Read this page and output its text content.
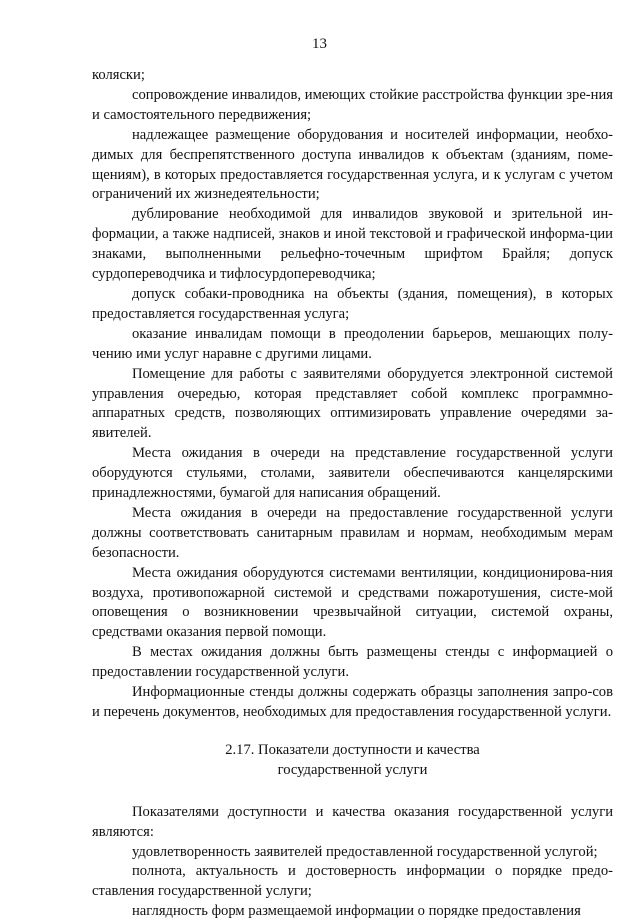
13

коляски;

сопровождение инвалидов, имеющих стойкие расстройства функции зре-ния и самостоятельного передвижения;

надлежащее размещение оборудования и носителей информации, необхо-димых для беспрепятственного доступа инвалидов к объектам (зданиям, поме-щениям), в которых предоставляется государственная услуга, и к услугам с учетом ограничений их жизнедеятельности;

дублирование необходимой для инвалидов звуковой и зрительной ин-формации, а также надписей, знаков и иной текстовой и графической информа-ции знаками, выполненными рельефно-точечным шрифтом Брайля; допуск сурдопереводчика и тифлосурдопереводчика;

допуск собаки-проводника на объекты (здания, помещения), в которых предоставляется государственная услуга;

оказание инвалидам помощи в преодолении барьеров, мешающих полу-чению ими услуг наравне с другими лицами.

Помещение для работы с заявителями оборудуется электронной системой управления очередью, которая представляет собой комплекс программно-аппаратных средств, позволяющих оптимизировать управление очередями за-явителей.

Места ожидания в очереди на представление государственной услуги оборудуются стульями, столами, заявители обеспечиваются канцелярскими принадлежностями, бумагой для написания обращений.

Места ожидания в очереди на предоставление государственной услуги должны соответствовать санитарным правилам и нормам, необходимым мерам безопасности.

Места ожидания оборудуются системами вентиляции, кондиционирова-ния воздуха, противопожарной системой и средствами пожаротушения, систе-мой оповещения о возникновении чрезвычайной ситуации, системой охраны, средствами оказания первой помощи.

В местах ожидания должны быть размещены стенды с информацией о предоставлении государственной услуги.

Информационные стенды должны содержать образцы заполнения запро-сов и перечень документов, необходимых для предоставления государственной услуги.

2.17. Показатели доступности и качества
государственной услуги

Показателями доступности и качества оказания государственной услуги являются:

удовлетворенность заявителей предоставленной государственной услугой;

полнота, актуальность и достоверность информации о порядке предо-ставления государственной услуги;

наглядность форм размещаемой информации о порядке предоставления
